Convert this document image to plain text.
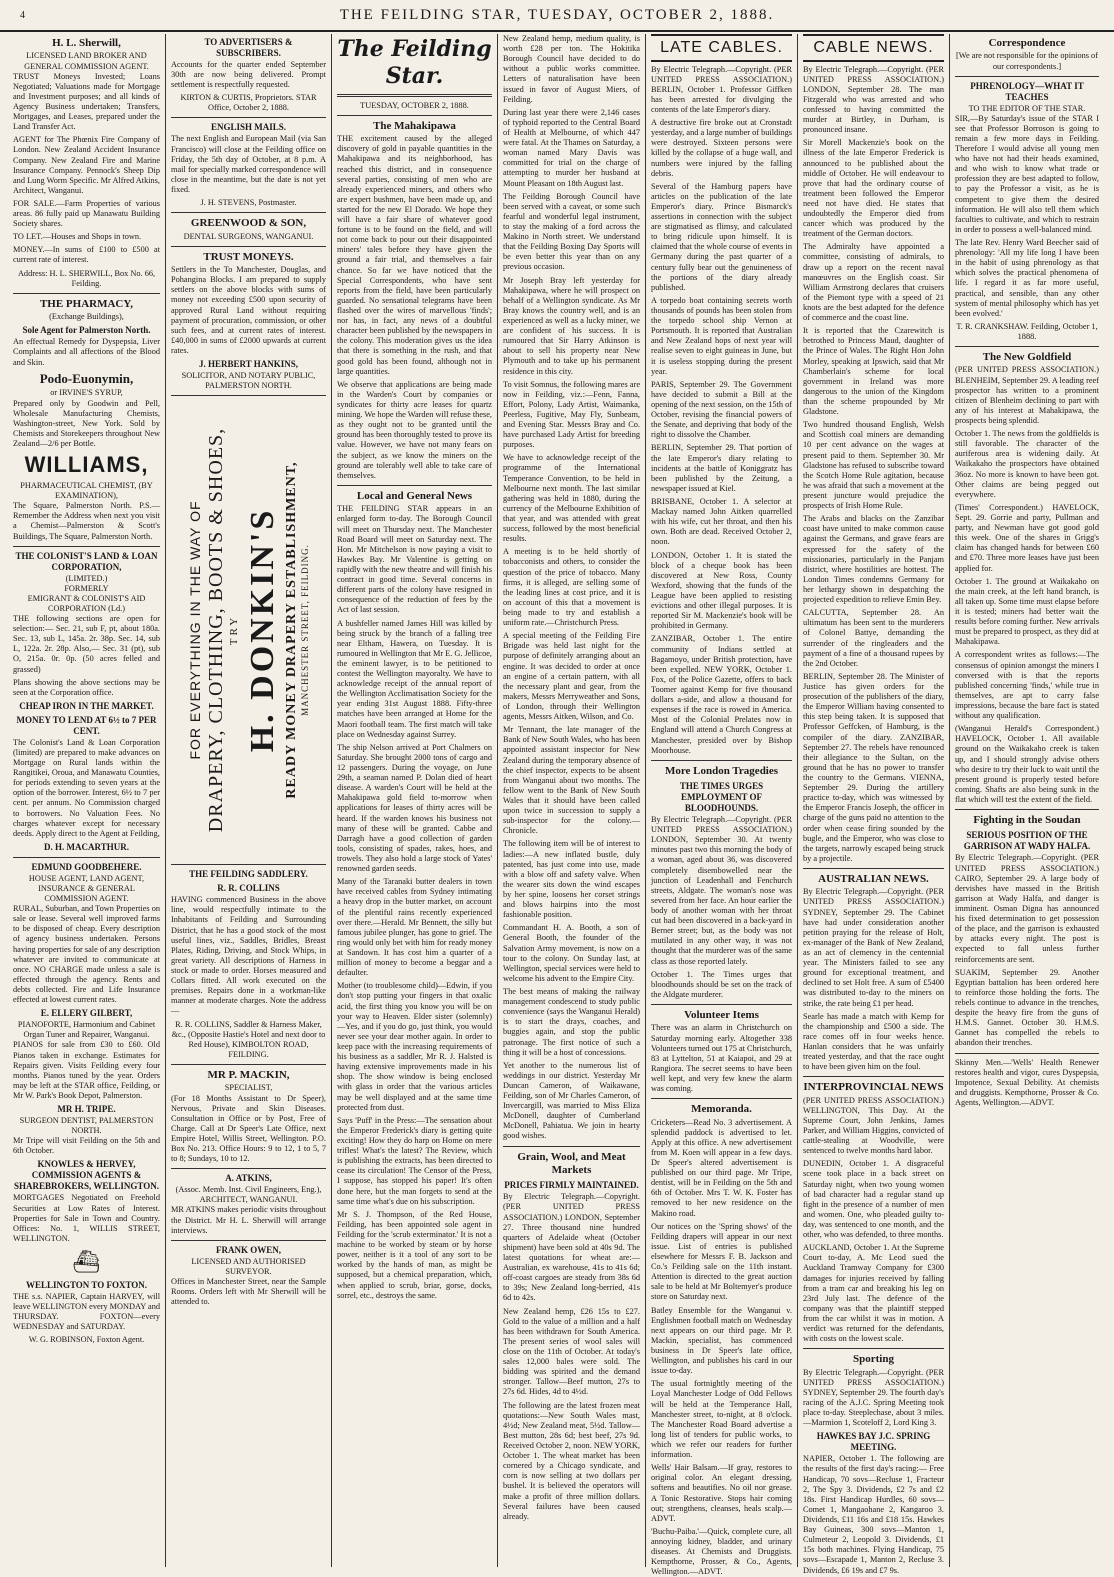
4	THE FEILDING STAR, TUESDAY, OCTOBER 2, 1888.
H. L. Sherwill,
LICENSED LAND BROKER AND
GENERAL COMMISSION AGENT.

TRUST Moneys Invested; Loans Negotiated; Valuations made for Mortgage and Investment purposes; and all kinds of Agency Business undertaken; Transfers, Mortgages, and Leases, prepared under the Land Transfer Act.

AGENT for The Phœnix Fire Company of London. New Zealand Accident Insurance Company. New Zealand Fire and Marine Insurance Company. Pennock's Sheep Dip and Lung Worm Specific. Mr Alfred Atkins, Architect, Wanganui.

FOR SALE.—Farm Properties of various areas. 86 fully paid up Manawatu Building Society shares.

TO LET.—Houses and Shops in town.

MONEY.—In sums of £100 to £500 at current rate of interest.

Address: H. L. SHERWILL, Box No. 66, Feilding.

THE PHARMACY,
(Exchange Buildings),
Sole Agent for Palmerston North.

An effectual Remedy for Dyspepsia, Liver Complaints and all affections of the Blood and Skin.

Podo-Euonymin,
or IRVINE'S SYRUP,

Prepared only by Goodwin and Pell, Wholesale Manufacturing Chemists, Washington-street, New York. Sold by Chemists and Storekeepers throughout New Zealand—2/6 per Bottle.

WILLIAMS,
PHARMACEUTICAL CHEMIST, (BY EXAMINATION),

The Square, Palmerston North. P.S.—Remember the Address when next you visit a Chemist—Palmerston & Scott's Buildings, The Square, Palmerston North.

THE COLONIST'S LAND & LOAN CORPORATION,
(LIMITED.)
FORMERLY
EMIGRANT & COLONIST'S AID CORPORATION (Ld.)

THE following sections are open for selection:— Sec. 21, sub F, pt, about 180a. Sec. 13, sub L, 145a. 2r. 38p. Sec. 14, sub L, 122a. 2r. 28p. Also,— Sec. 31 (pt), sub O, 215a. 0r. 0p. (50 acres felled and grassed)

Plans showing the above sections may be seen at the Corporation office.

CHEAP IRON IN THE MARKET.
MONEY TO LEND AT 6½ to 7 PER CENT.

The Colonist's Land & Loan Corporation (limited) are prepared to make advances on Mortgage on Rural lands within the Rangitikei, Oroua, and Manawatu Counties, for periods extending to seven years at the option of the borrower. Interest, 6½ to 7 per cent. per annum. No Commission charged to borrowers. No Valuation Fees. No charges whatever except for necessary deeds. Apply direct to the Agent at Feilding,

D. H. MACARTHUR.
EDMUND GOODBEHERE.
HOUSE AGENT, LAND AGENT, INSURANCE & GENERAL COMMISSION AGENT.

RURAL, Suburban, and Town Properties on sale or lease. Several well improved farms to be disposed of cheap. Every description of agency business undertaken. Persons having properties for sale of any description whatever are invited to communicate at once. NO CHARGE made unless a sale is effected through the agency. Rents and debts collected. Fire and Life Insurance effected at lowest current rates.

E. ELLERY GILBERT,
PIANOFORTE, Harmonium and Cabinet Organ Tuner and Repairer, Wanganui.

PIANOS for sale from £30 to £60. Old Pianos taken in exchange. Estimates for Repairs given. Visits Feilding every four months. Pianos tuned by the year. Orders may be left at the STAR office, Feilding, or Mr W. Park's Book Depot, Palmerston.

MR H. TRIPE.
SURGEON DENTIST, PALMERSTON NORTH.

Mr Tripe will visit Feilding on the 5th and 6th October.

KNOWLES & HERVEY, COMMISSION AGENTS & SHAREBROKERS, WELLINGTON.

MORTGAGES Negotiated on Freehold Securities at Low Rates of Interest. Properties for Sale in Town and Country. Offices: No. 1, WILLIS STREET, WELLINGTON.

⛴
WELLINGTON TO FOXTON.

THE s.s. NAPIER, Captain HARVEY, will leave WELLINGTON every MONDAY and THURSDAY. FOXTON—every WEDNESDAY and SATURDAY.

W. G. ROBINSON, Foxton Agent.
TO ADVERTISERS & SUBSCRIBERS.

Accounts for the quarter ended September 30th are now being delivered. Prompt settlement is respectfully requested.

KIRTON & CURTIS, Proprietors. STAR Office, October 2, 1888.
ENGLISH MAILS.

The next English and European Mail (via San Francisco) will close at the Feilding office on Friday, the 5th day of October, at 8 p.m. A mail for specially marked correspondence will close in the meantime, but the date is not yet fixed.

J. H. STEVENS, Postmaster.
GREENWOOD & SON,
DENTAL SURGEONS, WANGANUI.
TRUST MONEYS.

Settlers in the To Manchester, Douglas, and Pohangina Blocks. I am prepared to supply settlers on the above blocks with sums of money not exceeding £500 upon security of approved Rural Land without requiring payment of procuration, commission, or other such fees, and at current rates of interest. £40,000 in sums of £2000 upwards at current rates.

J. HERBERT HANKINS,
SOLICITOR, AND NOTARY PUBLIC, PALMERSTON NORTH.
FOR EVERYTHING IN THE WAY OF DRAPERY, CLOTHING, BOOTS & SHOES, TRY H. DONKIN'S READY MONEY DRAPERY ESTABLISHMENT, MANCHESTER STREET, FEILDING.
THE FEILDING SADDLERY.
R. R. COLLINS

HAVING commenced Business in the above line, would respectfully intimate to the Inhabitants of Feilding and Surrounding District, that he has a good stock of the most useful lines, viz., Saddles, Bridles, Breast Plates, Riding, Driving, and Stock Whips, in great variety. All descriptions of Harness in stock or made to order. Horses measured and Collars fitted. All work executed on the premises. Repairs done in a workman-like manner at moderate charges. Note the address—

R. R. COLLINS, Saddler & Harness Maker, &c., (Opposite Hastie's Hotel and next door to Red House), KIMBOLTON ROAD, FEILDING.
MR P. MACKIN,
SPECIALIST,

(For 18 Months Assistant to Dr Speer), Nervous, Private and Skin Diseases. Consultation in Office or by Post, Free of Charge. Call at Dr Speer's Late Office, next Empire Hotel, Willis Street, Wellington. P.O. Box No. 213. Office Hours: 9 to 12, 1 to 5, 7 to 8; Sundays, 10 to 12.

A. ATKINS,
(Assoc. Memb. Inst. Civil Engineers, Eng.), ARCHITECT, WANGANUI.

MR ATKINS makes periodic visits throughout the District. Mr H. L. Sherwill will arrange interviews.

FRANK OWEN,
LICENSED AND AUTHORISED SURVEYOR.

Offices in Manchester Street, near the Sample Rooms. Orders left with Mr Sherwill will be attended to.

The Feilding Star.
TUESDAY, OCTOBER 2, 1888.
The Mahakipawa

THE excitement caused by the alleged discovery of gold in payable quantities in the Mahakipawa and its neighborhood, has reached this district, and in consequence several parties, consisting of men who are already experienced miners, and others who are expert bushmen, have been made up, and started for the new El Dorado. We hope they will have a fair share of whatever good fortune is to be found on the field, and will not come back to pour out their disappointed miners' tales before they have given the ground a fair trial, and themselves a fair chance. So far we have noticed that the Special Correspondents, who have sent reports from the field, have been particularly guarded. No sensational telegrams have been flashed over the wires of marvellous 'finds'; nor has, in fact, any news of a doubtful character been published by the newspapers in the colony. This moderation gives us the idea that there is something in the rush, and that good gold has been found, although not in large quantities.

We observe that applications are being made in the Warden's Court by companies or syndicates for thirty acre leases for quartz mining. We hope the Warden will refuse these, as they ought not to be granted until the ground has been thoroughly tested to prove its value. However, we have not many fears on the subject, as we know the miners on the ground are tolerably well able to take care of themselves.

Local and General News

THE FEILDING STAR appears in an enlarged form to-day. The Borough Council will meet on Thursday next. The Manchester Road Board will meet on Saturday next. The Hon. Mr Mitchelson is now paying a visit to Hawkes Bay. Mr Valentine is getting on rapidly with the new theatre and will finish his contract in good time. Several concerns in different parts of the colony have resigned in consequence of the reduction of fees by the Act of last session.

A bushfeller named James Hill was killed by being struck by the branch of a falling tree near Eltham, Hawera, on Tuesday. It is rumoured in Wellington that Mr E. G. Jellicoe, the eminent lawyer, is to be petitioned to contest the Wellington mayoralty. We have to acknowledge receipt of the annual report of the Wellington Acclimatisation Society for the year ending 31st August 1888. Fifty-three matches have been arranged at Home for the Maori football team. The first match will take place on Wednesday against Surrey.

The ship Nelson arrived at Port Chalmers on Saturday. She brought 2000 tons of cargo and 12 passengers. During the voyage, on June 29th, a seaman named P. Dolan died of heart disease. A warden's Court will be held at the Mahakipawa gold field to-morrow when applications for leases of thirty acres will be heard. If the warden knows his business not many of these will be granted. Cabbe and Darragh have a good collection of garden tools, consisting of spades, rakes, hoes, and trowels. They also hold a large stock of Yates' renowned garden seeds.

Many of the Taranaki butter dealers in town have received cables from Sydney intimating a heavy drop in the butter market, on account of the plentiful rains recently experienced over there.—Herald. Mr Bennett, the silly but famous jubilee plunger, has gone to grief. The ring would only bet with him for ready money at Sandown. It has cost him a quarter of a million of money to become a beggar and a defaulter.

Mother (to troublesome child)—Edwin, if you don't stop putting your fingers in that oxalic acid, the first thing you know you will be on your way to Heaven. Elder sister (solemnly)—Yes, and if you do go, just think, you would never see your dear mother again. In order to keep pace with the increasing requirements of his business as a saddler, Mr R. J. Halsted is having extensive improvements made in his shop. The show window is being enclosed with glass in order that the various articles may be well displayed and at the same time protected from dust.

Says 'Puff' in the Press:—The sensation about the Emperor Frederick's diary is getting quite exciting! How they do harp on Home on mere trifles! What's the latest? The Review, which is publishing the extracts, has been directed to cease its circulation! The Censor of the Press, I suppose, has stopped his paper! It's often done here, but the man forgets to send at the same time what's due on his subscription.

Mr S. J. Thompson, of the Red House, Feilding, has been appointed sole agent in Feilding for the 'scrub exterminator.' It is not a machine to be worked by steam or by horse power, neither is it a tool of any sort to be worked by the hands of man, as might be supposed, but a chemical preparation, which, when applied to scrub, briar, gorse, docks, sorrel, etc., destroys the same.

New Zealand hemp, medium quality, is worth £28 per ton. The Hokitika Borough Council have decided to do without a public works committee. Letters of naturalisation have been issued in favor of August Miers, of Feilding.

During last year there were 2,146 cases of typhoid reported to the Central Board of Health at Melbourne, of which 447 were fatal. At the Thames on Saturday, a woman named Mary Davis was committed for trial on the charge of attempting to murder her husband at Mount Pleasant on 18th August last.

The Feilding Borough Council have been served with a caveat, or some such fearful and wonderful legal instrument, to stay the making of a ford across the Makino in North street. We understand that the Feilding Boxing Day Sports will be even better this year than on any previous occasion.

Mr Joseph Bray left yesterday for Mahakipawa, where he will prospect on behalf of a Wellington syndicate. As Mr Bray knows the country well, and is an experienced as well as a lucky miner, we are confident of his success. It is rumoured that Sir Harry Atkinson is about to sell his property near New Plymouth and to take up his permanent residence in this city.

To visit Somnus, the following mares are now in Feilding, viz.:—Fenn, Fanna, Effort, Polony, Lady Artist, Waimanka, Peerless, Fugitive, May Fly, Sunbeam, and Evening Star. Messrs Bray and Co. have purchased Lady Artist for breeding purposes.

We have to acknowledge receipt of the programme of the International Temperance Convention, to be held in Melbourne next month. The last similar gathering was held in 1880, during the currency of the Melbourne Exhibition of that year, and was attended with great success, followed by the most beneficial results.

A meeting is to be held shortly of tobacconists and others, to consider the question of the price of tobacco. Many firms, it is alleged, are selling some of the leading lines at cost price, and it is on account of this that a movement is being made to try and establish a uniform rate.—Christchurch Press.

A special meeting of the Feilding Fire Brigade was held last night for the purpose of definitely arranging about an engine. It was decided to order at once an engine of a certain pattern, with all the necessary plant and gear, from the makers, Messrs Merryweather and Sons, of London, through their Wellington agents, Messrs Aitken, Wilson, and Co.

Mr Tennant, the late manager of the Bank of New South Wales, who has been appointed assistant inspector for New Zealand during the temporary absence of the chief inspector, expects to be absent from Wanganui about two months. The fellow went to the Bank of New South Wales that it should have been called upon twice in succession to supply a sub-inspector for the colony.—Chronicle.

The following item will be of interest to ladies:—A new inflated bustle, duly patented, has just come into use, made with a blow off and safety valve. When the wearer sits down the wind escapes by her spine, loosens her corset strings and blows hairpins into the most fashionable position.

Commandant H. A. Booth, a son of General Booth, the founder of the Salvation Army movement, is now on a tour to the colony. On Sunday last, at Wellington, special services were held to welcome his advent to the Empire City.

The best means of making the railway management condescend to study public convenience (says the Wanganui Herald) is to start the drays, coaches, and buggies again, and stop the public patronage. The first notice of such a thing it will be a host of concessions.

Yet another to the numerous list of weddings in our district. Yesterday Mr Duncan Cameron, of Waikawane, Feilding, son of Mr Charles Cameron, of Invercargill, was married to Miss Eliza McDonell, daughter of Cumberland McDonell, Pahiatua. We join in hearty good wishes.

Grain, Wool, and Meat Markets
PRICES FIRMLY MAINTAINED.

By Electric Telegraph.—Copyright. (PER UNITED PRESS ASSOCIATION.) LONDON, September 27. Three thousand nine hundred quarters of Adelaide wheat (October shipment) have been sold at 40s 9d. The latest quotations for wheat are:—Australian, ex warehouse, 41s to 41s 6d; off-coast cargoes are steady from 38s 6d to 39s; New Zealand long-berried, 41s 6d to 42s.

New Zealand hemp, £26 15s to £27. Gold to the value of a million and a half has been withdrawn for South America. The present series of wool sales will close on the 11th of October. At today's sales 12,000 bales were sold. The bidding was spirited and the demand stronger. Tallow—Beef mutton, 27s to 27s 6d. Hides, 4d to 4½d.

The following are the latest frozen meat quotations:—New South Wales mast, 4½d; New Zealand meat, 5½d. Tallow—Best mutton, 28s 6d; best beef, 27s 9d. Received October 2, noon. NEW YORK, October 1. The wheat market has been cornered by a Chicago syndicate, and corn is now selling at two dollars per bushel. It is believed the operators will make a profit of three million dollars. Several failures have been caused already.

LATE CABLES.

By Electric Telegraph.—Copyright. (PER UNITED PRESS ASSOCIATION.) BERLIN, October 1. Professor Giffken has been arrested for divulging the contents of the late Emperor's diary.

A destructive fire broke out at Cronstadt yesterday, and a large number of buildings were destroyed. Sixteen persons were killed by the collapse of a huge wall, and numbers were injured by the falling debris.

Several of the Hamburg papers have articles on the publication of the late Emperor's diary. Prince Bismarck's assertions in connection with the subject are stigmatised as flimsy, and calculated to bring ridicule upon himself. It is claimed that the whole course of events in Germany during the past quarter of a century fully bear out the genuineness of the portions of the diary already published.

A torpedo boat containing secrets worth thousands of pounds has been stolen from the torpedo school ship Vernon at Portsmouth. It is reported that Australian and New Zealand hops of next year will realise seven to eight guineas in June, but it is useless stopping during the present year.

PARIS, September 29. The Government have decided to submit a Bill at the opening of the next session, on the 15th of October, revising the financial powers of the Senate, and depriving that body of the right to dissolve the Chamber.

BERLIN, September 29. That portion of the late Emperor's diary relating to incidents at the battle of Koniggratz has been published by the Zeitung, a newspaper issued at Kiel.

BRISBANE, October 1. A selector at Mackay named John Aitken quarrelled with his wife, cut her throat, and then his own. Both are dead. Received October 2, noon.

LONDON, October 1. It is stated the block of a cheque book has been discovered at New Ross, County Wexford, showing that the funds of the League have been applied to resisting evictions and other illegal purposes. It is reported Sir M. Mackenzie's book will be prohibited in Germany.

ZANZIBAR, October 1. The entire community of Indians settled at Bagamoyo, under British protection, have been expelled. NEW YORK, October 1. Fox, of the Police Gazette, offers to back Toomer against Kemp for five thousand dollars a-side, and allow a thousand for expenses if the race is rowed in America. Most of the Colonial Prelates now in England will attend a Church Congress at Manchester, presided over by Bishop Moorhouse.

More London Tragedies
THE TIMES URGES EMPLOYMENT OF BLOODHOUNDS.

By Electric Telegraph.—Copyright. (PER UNITED PRESS ASSOCIATION.) LONDON, September 30. At twenty minutes past two this morning the body of a woman, aged about 36, was discovered completely disembowelled near the junction of Leadenhall and Fenchurch streets, Aldgate. The woman's nose was severed from her face. An hour earlier the body of another woman with her throat cut had been discovered in a back-yard in Berner street; but, as the body was not mutilated in any other way, it was not thought that the murderer was of the same class as those reported lately.

October 1. The Times urges that bloodhounds should be set on the track of the Aldgate murderer.

Volunteer Items

There was an alarm in Christchurch on Saturday morning early. Altogether 338 Volunteers turned out 175 at Christchurch, 83 at Lyttelton, 51 at Kaiapoi, and 29 at Rangiora. The secret seems to have been well kept, and very few knew the alarm was coming.

Memoranda.

Cricketers—Read No. 3 advertisement. A splendid paddock is advertised to let. Apply at this office. A new advertisement from M. Koen will appear in a few days. Dr Speer's altered advertisement is published on our third page. Mr Tripe, dentist, will be in Feilding on the 5th and 6th of October. Mrs T. W. K. Foster has removed to her new residence on the Makino road.

Our notices on the 'Spring shows' of the Feilding drapers will appear in our next issue. List of entries is published elsewhere for Messrs F. B. Jackson and Co.'s Feilding sale on the 11th instant. Attention is directed to the great auction sale to be held at Mr Boltemyer's produce store on Saturday next.

Batley Ensemble for the Wanganui v. Englishmen football match on Wednesday next appears on our third page. Mr P. Mackin, specialist, has commenced business in Dr Speer's late office, Wellington, and publishes his card in our issue to-day.

The usual fortnightly meeting of the Loyal Manchester Lodge of Odd Fellows will be held at the Temperance Hall, Manchester street, to-night, at 8 o'clock. The Manchester Road Board advertise a long list of tenders for public works, to which we refer our readers for further information.

Wells' Hair Balsam.—If gray, restores to original color. An elegant dressing, softens and beautifies. No oil nor grease. A Tonic Restorative. Stops hair coming out; strengthens, cleanses, heals scalp.—ADVT.

'Buchu-Paiba.'—Quick, complete cure, all annoying kidney, bladder, and urinary diseases. At Chemists and Druggists. Kempthorne, Prosser, & Co., Agents, Wellington.—ADVT.

CABLE NEWS.

By Electric Telegraph.—Copyright. (PER UNITED PRESS ASSOCIATION.) LONDON, September 28. The man Fitzgerald who was arrested and who confessed to having committed the murder at Birtley, in Durham, is pronounced insane.

Sir Morell Mackenzie's book on the illness of the late Emperor Frederick is announced to be published about the middle of October. He will endeavour to prove that had the ordinary course of treatment been followed the Emperor need not have died. He states that undoubtedly the Emperor died from cancer which was produced by the treatment of the German doctors.

The Admiralty have appointed a committee, consisting of admirals, to draw up a report on the recent naval manœuvres on the English coast. Sir William Armstrong declares that cruisers of the Piemont type with a speed of 21 knots are the best adapted for the defence of commerce and the coast line.

It is reported that the Czarewitch is betrothed to Princess Maud, daughter of the Prince of Wales. The Right Hon John Morley, speaking at Ipswich, said that Mr Chamberlain's scheme for local government in Ireland was more dangerous to the union of the Kingdom than the scheme propounded by Mr Gladstone.

Two hundred thousand English, Welsh and Scottish coal miners are demanding 10 per cent advance on the wages at present paid to them. September 30. Mr Gladstone has refused to subscribe toward the Scotch Home Rule agitation, because he was afraid that such a movement at the present juncture would prejudice the prospects of Irish Home Rule.

The Arabs and blacks on the Zanzibar coast have united to make common cause against the Germans, and grave fears are expressed for the safety of the missionaries, particularly in the Panjam district, where hostilities are hottest. The London Times condemns Germany for her lethargy shown in despatching the projected expedition to relieve Emin Bey.

CALCUTTA, September 28. An ultimatum has been sent to the murderers of Colonel Battye, demanding the surrender of the ringleaders and the payment of a fine of a thousand rupees by the 2nd October.

BERLIN, September 28. The Minister of Justice has given orders for the prosecution of the publishers of the diary, the Emperor William having consented to this step being taken. It is supposed that Professor Geffcken, of Hamburg, is the compiler of the diary. ZANZIBAR, September 27. The rebels have renounced their allegiance to the Sultan, on the ground that he has no power to transfer the country to the Germans. VIENNA, September 29. During the artillery practice to-day, which was witnessed by the Emperor Francis Joseph, the officer in charge of the guns paid no attention to the order when cease firing sounded by the bugle, and the Emperor, who was close to the targets, narrowly escaped being struck by a projectile.

AUSTRALIAN NEWS.

By Electric Telegraph.—Copyright. (PER UNITED PRESS ASSOCIATION.) SYDNEY, September 29. The Cabinet have had under consideration another petition praying for the release of Holt, ex-manager of the Bank of New Zealand, as an act of clemency in the centennial year. The Ministers failed to see any ground for exceptional treatment, and declined to set Holt free. A sum of £5400 was distributed to-day to the miners on strike, the rate being £1 per head.

Searle has made a match with Kemp for the championship and £500 a side. The race comes off in four weeks hence. Hanlan considers that he was unfairly treated yesterday, and that the race ought to have been given him on the foul.

INTERPROVINCIAL NEWS

(PER UNITED PRESS ASSOCIATION.) WELLINGTON, This Day. At the Supreme Court, John Jenkins, James Parker, and William Higgins, convicted of cattle-stealing at Woodville, were sentenced to twelve months hard labor.

DUNEDIN, October 1. A disgraceful scene took place in a back street on Saturday night, when two young women of bad character had a regular stand up fight in the presence of a number of men and women. One, who pleaded guilty to-day, was sentenced to one month, and the other, who was defended, to three months.

AUCKLAND, October 1. At the Supreme Court to-day, A. Mc Leod sued the Auckland Tramway Company for £300 damages for injuries received by falling from a tram car and breaking his leg on 23rd July last. The defence of the company was that the plaintiff stepped from the car whilst it was in motion. A verdict was returned for the defendants, with costs on the lowest scale.

Sporting

By Electric Telegraph.—Copyright. (PER UNITED PRESS ASSOCIATION.) SYDNEY, September 29. The fourth day's racing of the A.J.C. Spring Meeting took place to-day. Steeplechase, about 3 miles.—Marmion 1, Scoteloff 2, Lord King 3.

HAWKES BAY J.C. SPRING MEETING.

NAPIER, October 1. The following are the results of the first day's racing:— Free Handicap, 70 sovs—Recluse 1, Fracteur 2, The Spy 3. Dividends, £2 7s and £2 18s. First Handicap Hurdles, 60 sovs—Comet 1, Mangaohane 2, Kangaroo 3. Dividends, £11 16s and £18 15s. Hawkes Bay Guineas, 300 sovs—Manton 1, Culmeteur 2, Leopold 3. Dividends, £1 15s both machines. Flying Handicap, 75 sovs—Escapade 1, Manton 2, Recluse 3. Dividends, £6 19s and £7 9s.

Correspondence
[We are not responsible for the opinions of our correspondents.]
PHRENOLOGY—WHAT IT TEACHES
TO THE EDITOR OF THE STAR.

SIR,—By Saturday's issue of the STAR I see that Professor Borroson is going to remain a few more days in Feilding. Therefore I would advise all young men who have not had their heads examined, and who wish to know what trade or profession they are best adapted to follow, to pay the Professor a visit, as he is competent to give them the desired information. He will also tell them which faculties to cultivate, and which to restrain in order to possess a well-balanced mind.

The late Rev. Henry Ward Beecher said of phrenology: 'All my life long I have been in the habit of using phrenology as that which solves the practical phenomena of life. I regard it as far more useful, practical, and sensible, than any other system of mental philosophy which has yet been evolved.'

T. R. CRANKSHAW. Feilding, October 1, 1888.
The New Goldfield

(PER UNITED PRESS ASSOCIATION.) BLENHEIM, September 29. A leading reef prospector has written to a prominent citizen of Blenheim declining to part with any of his interest at Mahakipawa, the prospects being splendid.

October 1. The news from the goldfields is still favorable. The character of the auriferous area is widening daily. At Waikakaho the prospectors have obtained 36oz. No more is known to have been got. Other claims are being pegged out everywhere.

(Times' Correspondent.) HAVELOCK, Sept. 29. Gorrie and party, Pullman and party, and Newman have got good gold this week. One of the shares in Grigg's claim has changed hands for between £60 and £70. Three more leases have just been applied for.

October 1. The ground at Waikakaho on the main creek, at the left hand branch, is all taken up. Some time must elapse before it is tested; miners had better wait the results before coming further. New arrivals must be prepared to prospect, as they did at Mahakipawa.

A correspondent writes as follows:—The consensus of opinion amongst the miners I conversed with is that the reports published concerning 'finds,' while true in themselves, are apt to carry false impressions, because the bare fact is stated without any qualification.

(Wanganui Herald's Correspondent.) HAVELOCK, October 1. All available ground on the Waikakaho creek is taken up, and I should strongly advise others who desire to try their luck to wait until the present ground is properly tested before coming. Shafts are also being sunk in the flat which will test the extent of the field.

Fighting in the Soudan
SERIOUS POSITION OF THE GARRISON AT WADY HALFA.

By Electric Telegraph.—Copyright. (PER UNITED PRESS ASSOCIATION.) CAIRO, September 29. A large body of dervishes have massed in the British garrison at Wady Halfa, and danger is imminent. Osman Digna has announced his fixed determination to get possession of the place, and the garrison is exhausted by attacks every night. The post is expected to fall unless further reinforcements are sent.

SUAKIM, September 29. Another Egyptian battalion has been ordered here to reinforce those holding the forts. The rebels continue to advance in the trenches, despite the heavy fire from the guns of H.M.S. Gannet. October 30. H.M.S. Gannet has compelled the rebels to abandon their trenches.

Skinny Men.—'Wells' Health Renewer restores health and vigor, cures Dyspepsia, Impotence, Sexual Debility. At chemists and druggists. Kempthorne, Prosser & Co. Agents, Wellington.—ADVT.
